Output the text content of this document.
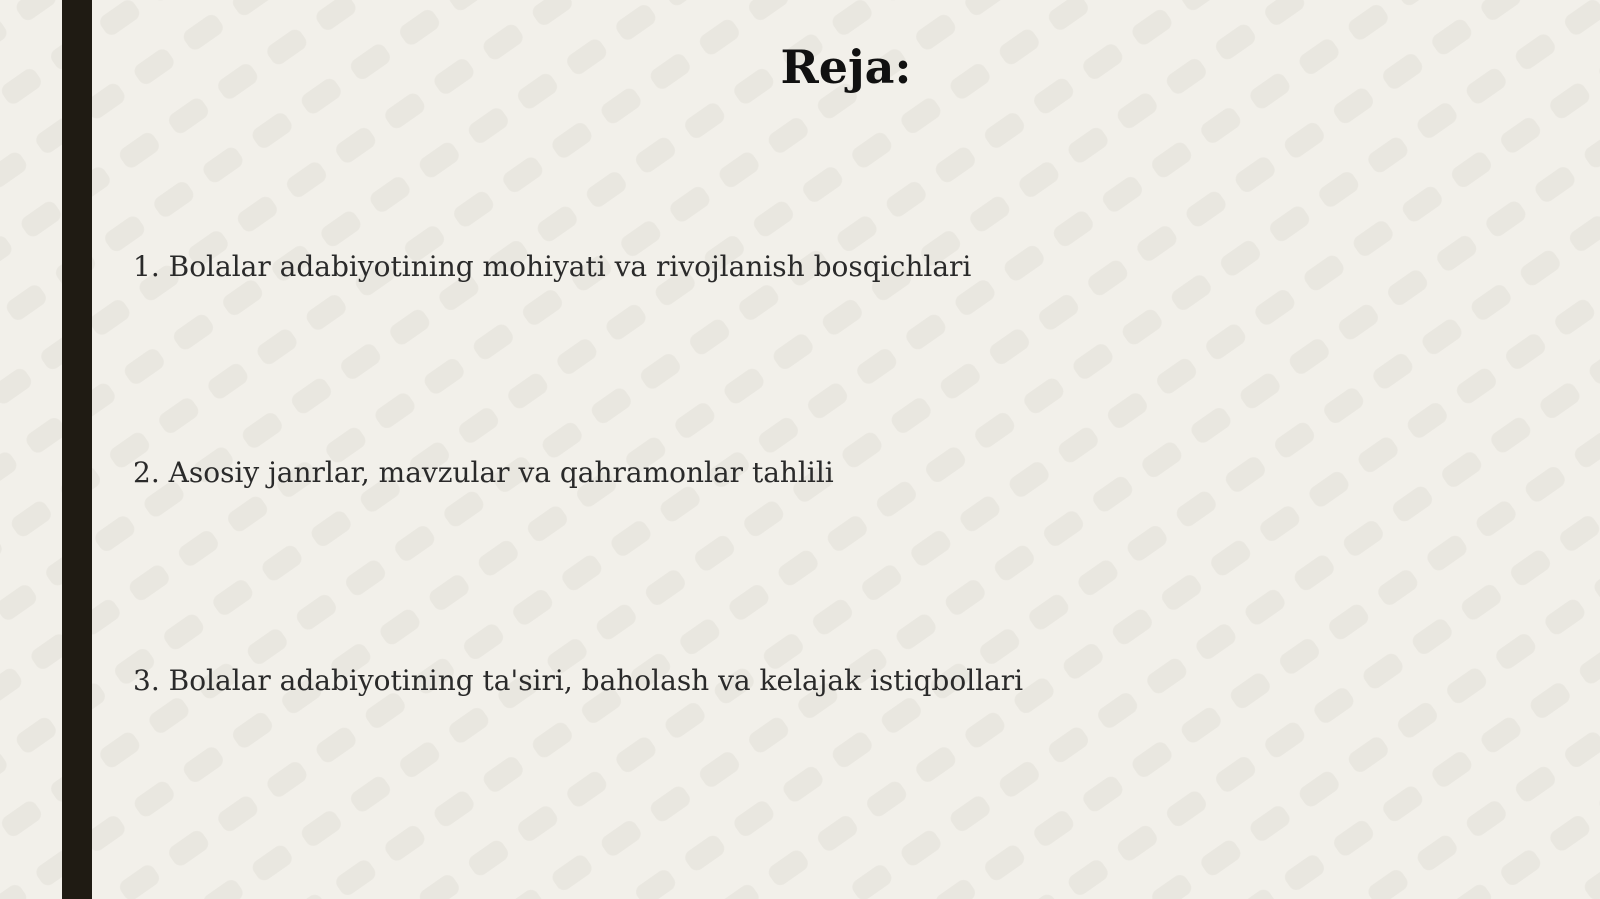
Reja:
1. Bolalar adabiyotining mohiyati va rivojlanish bosqichlari
2. Asosiy janrlar, mavzular va qahramonlar tahlili
3. Bolalar adabiyotining ta'siri, baholash va kelajak istiqbollari
